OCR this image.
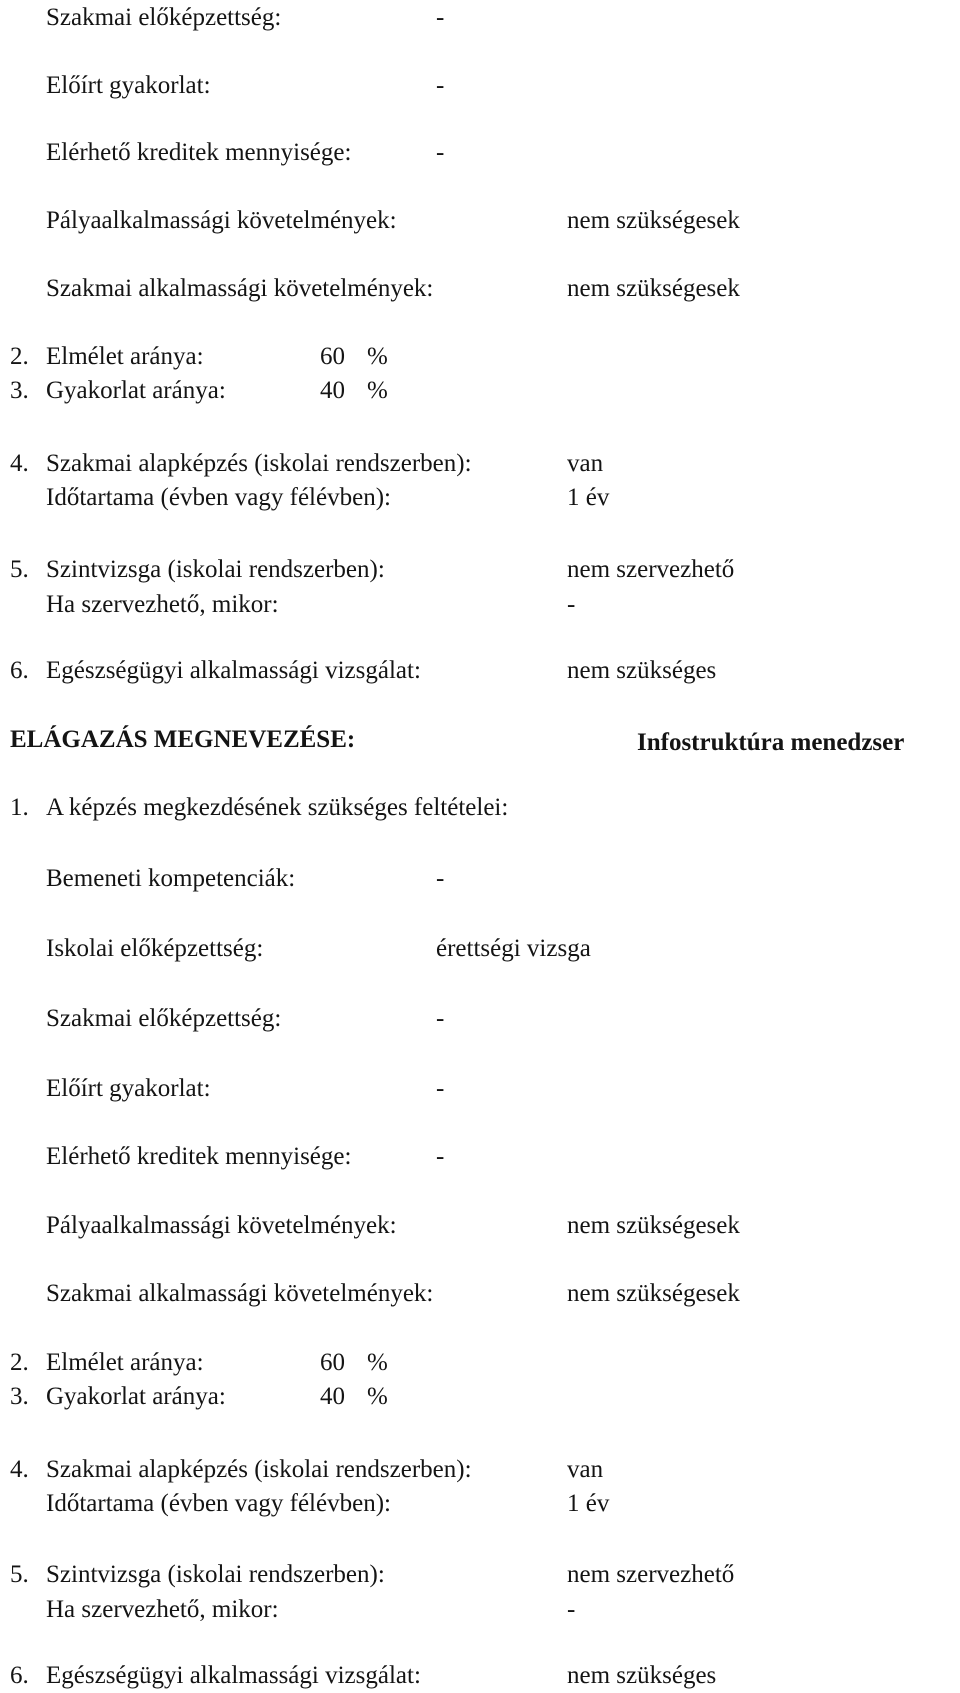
Szakmai előképzettség:	-
Előírt gyakorlat:	-
Elérhető kreditek mennyisége:	-
Pályaalkalmassági követelmények:	nem szükségesek
Szakmai alkalmassági követelmények:	nem szükségesek
2. Elmélet aránya:	60 %
3. Gyakorlat aránya:	40 %
4. Szakmai alapképzés (iskolai rendszerben):	van
Időtartama (évben vagy félévben):	1 év
5. Szintvizsga (iskolai rendszerben):	nem szervezhető
Ha szervezhető, mikor:	-
6. Egészségügyi alkalmassági vizsgálat:	nem szükséges
ELÁGAZÁS MEGNEVEZÉSE:	Infostruktúra menedzser
1. A képzés megkezdésének szükséges feltételei:
Bemeneti kompetenciák:	-
Iskolai előképzettség:	érettségi vizsga
Szakmai előképzettség:	-
Előírt gyakorlat:	-
Elérhető kreditek mennyisége:	-
Pályaalkalmassági követelmények:	nem szükségesek
Szakmai alkalmassági követelmények:	nem szükségesek
2. Elmélet aránya:	60 %
3. Gyakorlat aránya:	40 %
4. Szakmai alapképzés (iskolai rendszerben):	van
Időtartama (évben vagy félévben):	1 év
5. Szintvizsga (iskolai rendszerben):	nem szervezhető
Ha szervezhető, mikor:	-
6. Egészségügyi alkalmassági vizsgálat:	nem szükséges
